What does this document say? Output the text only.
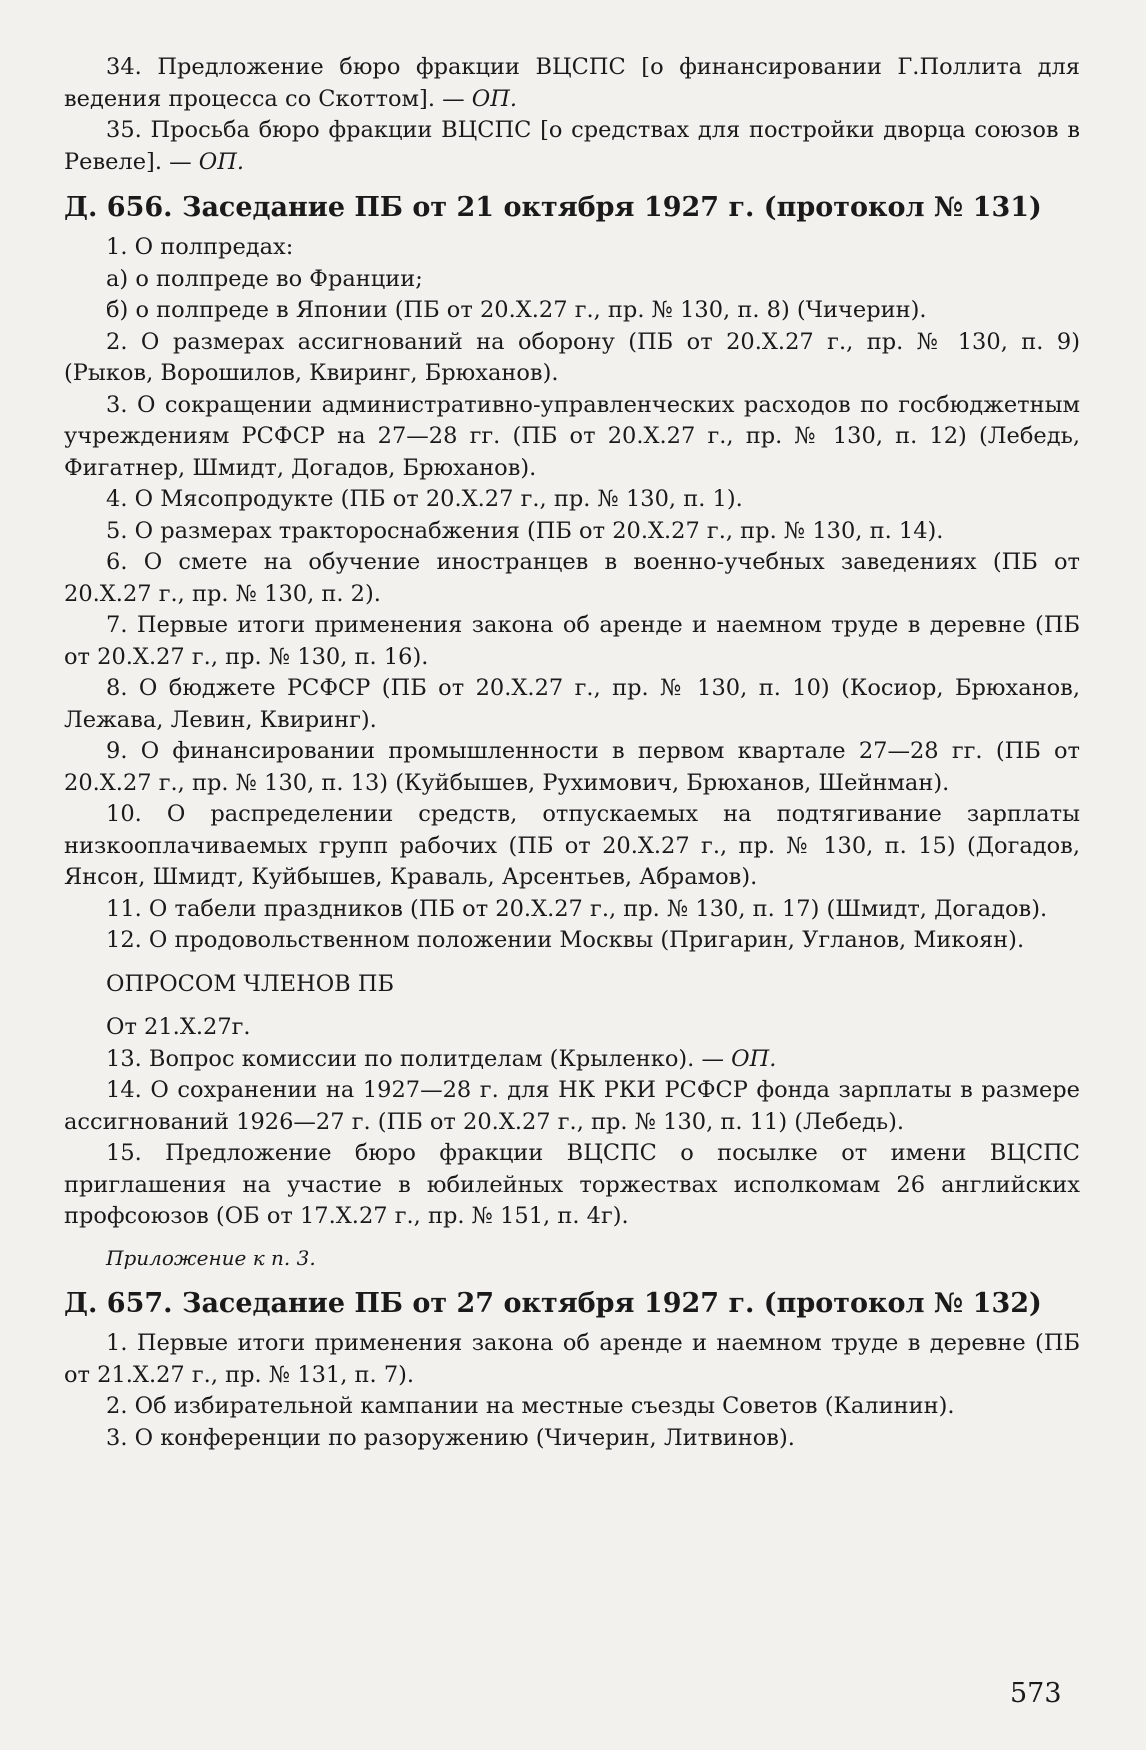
34. Предложение бюро фракции ВЦСПС [о финансировании Г.Поллита для ведения процесса со Скоттом]. — ОП.

35. Просьба бюро фракции ВЦСПС [о средствах для постройки дворца союзов в Ревеле]. — ОП.

Д. 656. Заседание ПБ от 21 октября 1927 г. (протокол № 131)

1. О полпредах:

а) о полпреде во Франции;

б) о полпреде в Японии (ПБ от 20.X.27 г., пр. № 130, п. 8) (Чичерин).

2. О размерах ассигнований на оборону (ПБ от 20.X.27 г., пр. № 130, п. 9) (Рыков, Ворошилов, Квиринг, Брюханов).

3. О сокращении административно-управленческих расходов по госбюджетным учреждениям РСФСР на 27—28 гг. (ПБ от 20.X.27 г., пр. № 130, п. 12) (Лебедь, Фигатнер, Шмидт, Догадов, Брюханов).

4. О Мясопродукте (ПБ от 20.X.27 г., пр. № 130, п. 1).

5. О размерах тракторoснабжения (ПБ от 20.X.27 г., пр. № 130, п. 14).

6. О смете на обучение иностранцев в военно-учебных заведениях (ПБ от 20.X.27 г., пр. № 130, п. 2).

7. Первые итоги применения закона об аренде и наемном труде в деревне (ПБ от 20.X.27 г., пр. № 130, п. 16).

8. О бюджете РСФСР (ПБ от 20.X.27 г., пр. № 130, п. 10) (Косиор, Брюханов, Лежава, Левин, Квиринг).

9. О финансировании промышленности в первом квартале 27—28 гг. (ПБ от 20.X.27 г., пр. № 130, п. 13) (Куйбышев, Рухимович, Брюханов, Шейнман).

10. О распределении средств, отпускаемых на подтягивание зарплаты низкооплачиваемых групп рабочих (ПБ от 20.X.27 г., пр. № 130, п. 15) (Догадов, Янсон, Шмидт, Куйбышев, Краваль, Арсентьев, Абрамов).

11. О табели праздников (ПБ от 20.X.27 г., пр. № 130, п. 17) (Шмидт, Догадов).

12. О продовольственном положении Москвы (Пригарин, Угланов, Микоян).

ОПРОСОМ ЧЛЕНОВ ПБ

От 21.X.27г.

13. Вопрос комиссии по политделам (Крыленко). — ОП.

14. О сохранении на 1927—28 г. для НК РКИ РСФСР фонда зарплаты в размере ассигнований 1926—27 г. (ПБ от 20.X.27 г., пр. № 130, п. 11) (Лебедь).

15. Предложение бюро фракции ВЦСПС о посылке от имени ВЦСПС приглашения на участие в юбилейных торжествах исполкомам 26 английских профсоюзов (ОБ от 17.X.27 г., пр. № 151, п. 4г).

Приложение к п. 3.

Д. 657. Заседание ПБ от 27 октября 1927 г. (протокол № 132)

1. Первые итоги применения закона об аренде и наемном труде в деревне (ПБ от 21.X.27 г., пр. № 131, п. 7).

2. Об избирательной кампании на местные съезды Советов (Калинин).

3. О конференции по разоружению (Чичерин, Литвинов).

573
